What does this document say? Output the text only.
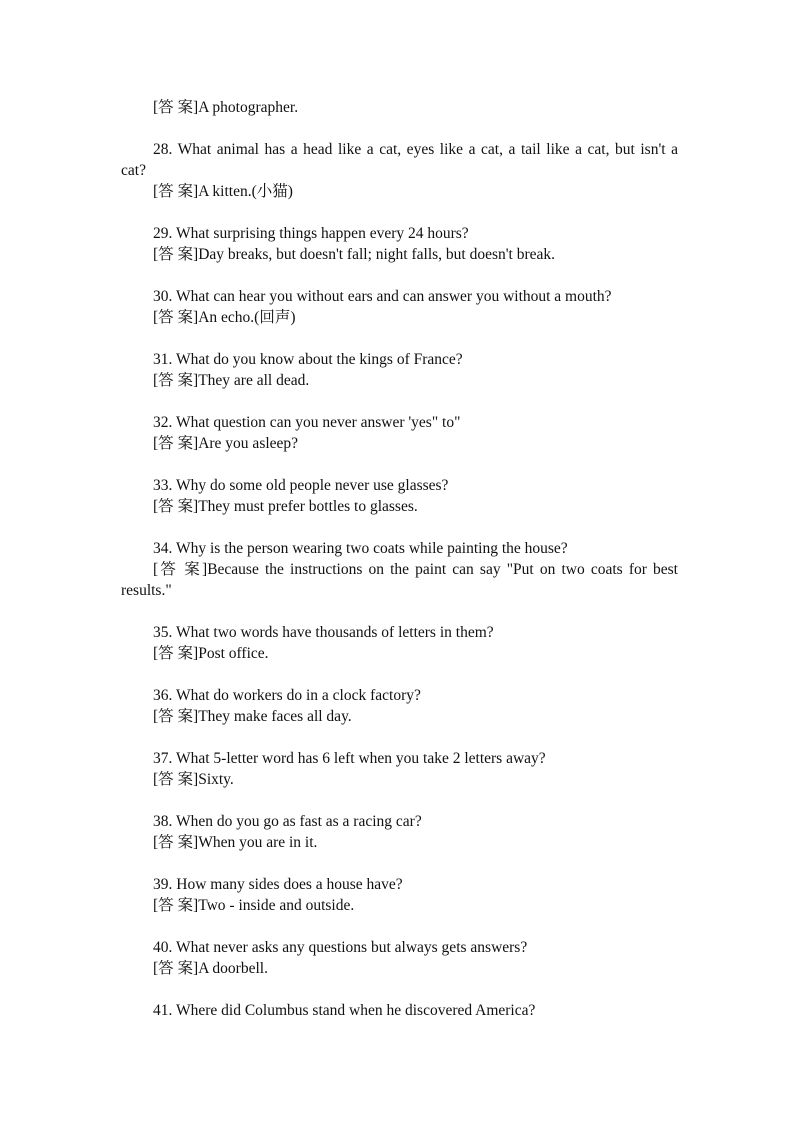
[答 案]A photographer.
28. What animal has a head like a cat, eyes like a cat, a tail like a cat, but isn't a
cat?
[答 案]A kitten.(小猫)
29. What surprising things happen every 24 hours?
[答 案]Day breaks, but doesn't fall; night falls, but doesn't break.
30. What can hear you without ears and can answer you without a mouth?
[答 案]An echo.(回声)
31. What do you know about the kings of France?
[答 案]They are all dead.
32. What question can you never answer 'yes" to"
[答 案]Are you asleep?
33. Why do some old people never use glasses?
[答 案]They must prefer bottles to glasses.
34. Why is the person wearing two coats while painting the house?
[答 案]Because the instructions on the paint can say "Put on two coats for best
results."
35. What two words have thousands of letters in them?
[答 案]Post office.
36. What do workers do in a clock factory?
[答 案]They make faces all day.
37. What 5-letter word has 6 left when you take 2 letters away?
[答 案]Sixty.
38. When do you go as fast as a racing car?
[答 案]When you are in it.
39. How many sides does a house have?
[答 案]Two - inside and outside.
40. What never asks any questions but always gets answers?
[答 案]A doorbell.
41. Where did Columbus stand when he discovered America?
